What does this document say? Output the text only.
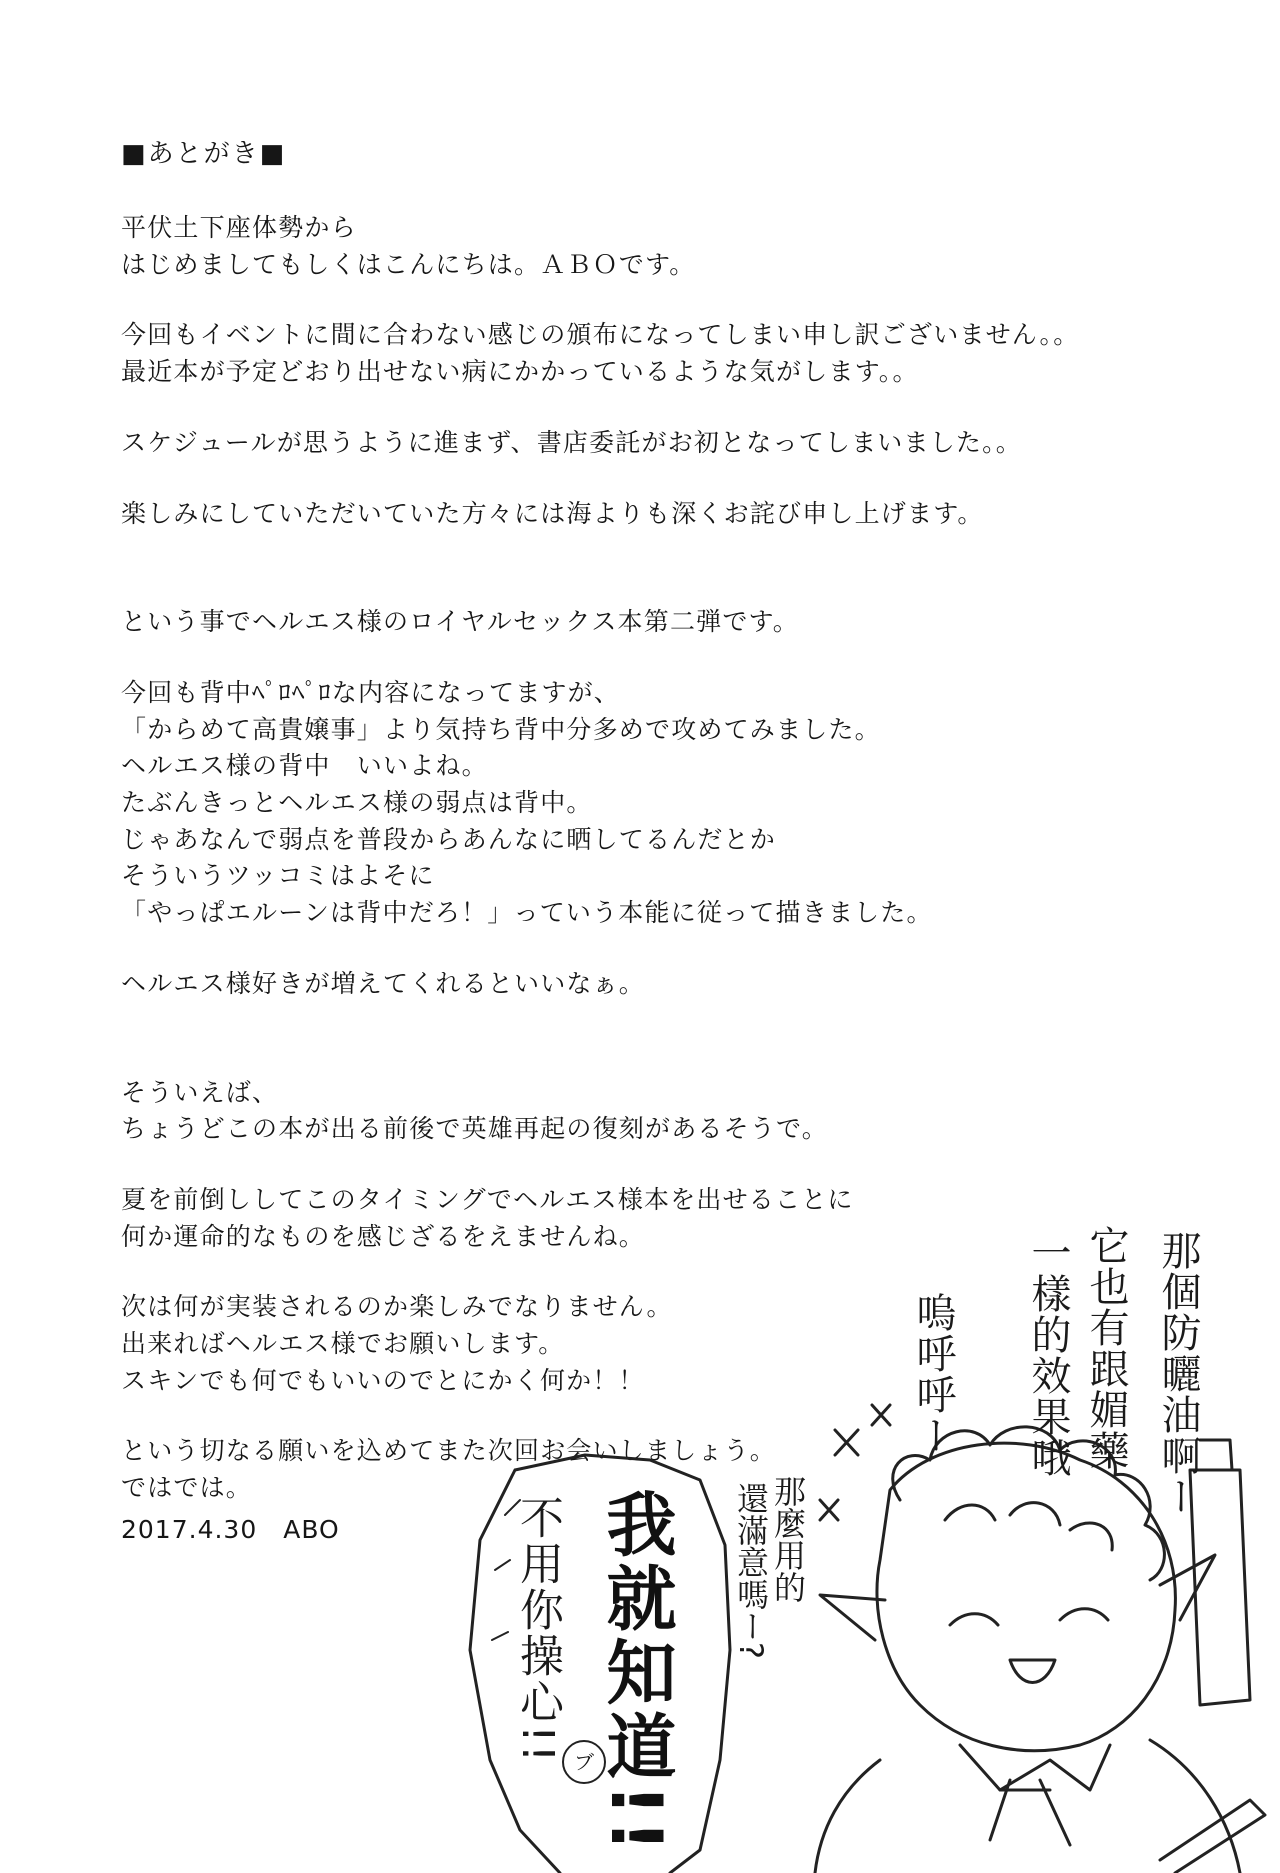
■あとがき■

平伏土下座体勢から
はじめましてもしくはこんにちは。ＡＢＯです。
今回もイベントに間に合わない感じの頒布になってしまい申し訳ございません。。
最近本が予定どおり出せない病にかかっているような気がします。。
スケジュールが思うように進まず、書店委託がお初となってしまいました。。
楽しみにしていただいていた方々には海よりも深くお詫び申し上げます。
という事でヘルエス様のロイヤルセックス本第二弾です。
今回も背中ﾍﾟﾛﾍﾟﾛな内容になってますが、
「からめて高貴嬢事」より気持ち背中分多めで攻めてみました。
ヘルエス様の背中　いいよね。
たぶんきっとヘルエス様の弱点は背中。
じゃあなんで弱点を普段からあんなに晒してるんだとか
そういうツッコミはよそに
「やっぱエルーンは背中だろ！」っていう本能に従って描きました。
ヘルエス様好きが増えてくれるといいなぁ。
そういえば、
ちょうどこの本が出る前後で英雄再起の復刻があるそうで。
夏を前倒ししてこのタイミングでヘルエス様本を出せることに
何か運命的なものを感じざるをえませんね。
次は何が実装されるのか楽しみでなりません。
出来ればヘルエス様でお願いします。
スキンでも何でもいいのでとにかく何か！！
という切なる願いを込めてまた次回お会いしましょう。
ではでは。
2017.4.30　ABO	我就知道!!
不用你操心!!
那個防曬油啊ー
它也有跟媚藥
一樣的效果哦
嗚呼呼ー
那麼用的
還滿意嗎ー?
ブ
